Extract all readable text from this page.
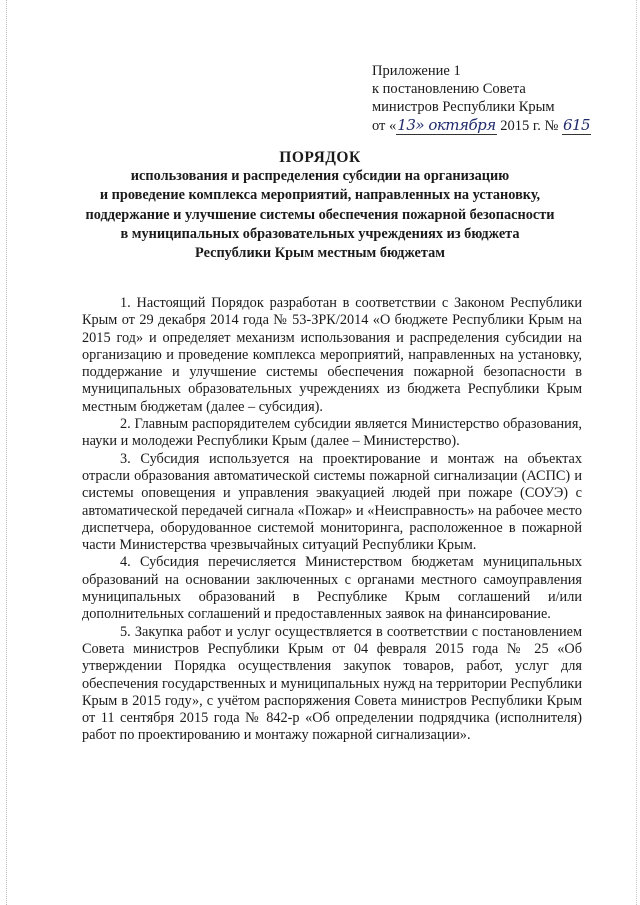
Приложение 1
к постановлению Совета
министров Республики Крым
от «13» октября 2015 г. № 615
ПОРЯДОК
использования и распределения субсидии на организацию
и проведение комплекса мероприятий, направленных на установку,
поддержание и улучшение системы обеспечения пожарной безопасности
в муниципальных образовательных учреждениях из бюджета
Республики Крым местным бюджетам

1. Настоящий Порядок разработан в соответствии с Законом Республики Крым от 29 декабря 2014 года № 53-ЗРК/2014 «О бюджете Республики Крым на 2015 год» и определяет механизм использования и распределения субсидии на организацию и проведение комплекса мероприятий, направленных на установку, поддержание и улучшение системы обеспечения пожарной безопасности в муниципальных образовательных учреждениях из бюджета Республики Крым местным бюджетам (далее – субсидия).

2. Главным распорядителем субсидии является Министерство образования, науки и молодежи Республики Крым (далее – Министерство).

3. Субсидия используется на проектирование и монтаж на объектах отрасли образования автоматической системы пожарной сигнализации (АСПС) и системы оповещения и управления эвакуацией людей при пожаре (СОУЭ) с автоматической передачей сигнала «Пожар» и «Неисправность» на рабочее место диспетчера, оборудованное системой мониторинга, расположенное в пожарной части Министерства чрезвычайных ситуаций Республики Крым.

4. Субсидия перечисляется Министерством бюджетам муниципальных образований на основании заключенных с органами местного самоуправления муниципальных образований в Республике Крым соглашений и/или дополнительных соглашений и предоставленных заявок на финансирование.

5. Закупка работ и услуг осуществляется в соответствии с постановлением Совета министров Республики Крым от 04 февраля 2015 года № 25 «Об утверждении Порядка осуществления закупок товаров, работ, услуг для обеспечения государственных и муниципальных нужд на территории Республики Крым в 2015 году», с учётом распоряжения Совета министров Республики Крым от 11 сентября 2015 года № 842-р «Об определении подрядчика (исполнителя) работ по проектированию и монтажу пожарной сигнализации».
